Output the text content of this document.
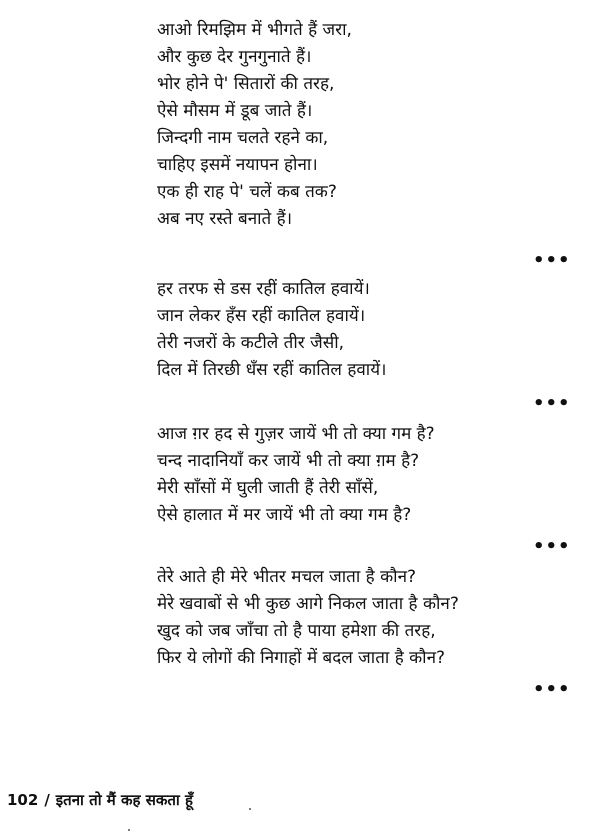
आओ रिमझिम में भीगते हैं जरा,
और कुछ देर गुनगुनाते हैं।
भोर होने पे' सितारों की तरह,
ऐसे मौसम में डूब जाते हैं।
जिन्दगी नाम चलते रहने का,
चाहिए इसमें नयापन होना।
एक ही राह पे' चलें कब तक?
अब नए रस्ते बनाते हैं।
•••
हर तरफ से डस रहीं कातिल हवायें।
जान लेकर हँस रहीं कातिल हवायें।
तेरी नजरों के कटीले तीर जैसी,
दिल में तिरछी धँस रहीं कातिल हवायें।
•••
आज ग़र हद से गुज़र जायें भी तो क्या गम है?
चन्द नादानियाँ कर जायें भी तो क्या ग़म है?
मेरी साँसों में घुली जाती हैं तेरी साँसें,
ऐसे हालात में मर जायें भी तो क्या गम है?
•••
तेरे आते ही मेरे भीतर मचल जाता है कौन?
मेरे खवाबों से भी कुछ आगे निकल जाता है कौन?
खुद को जब जाँचा तो है पाया हमेशा की तरह,
फिर ये लोगों की निगाहों में बदल जाता है कौन?
•••
102 / इतना तो मैं कह सकता हूँ
